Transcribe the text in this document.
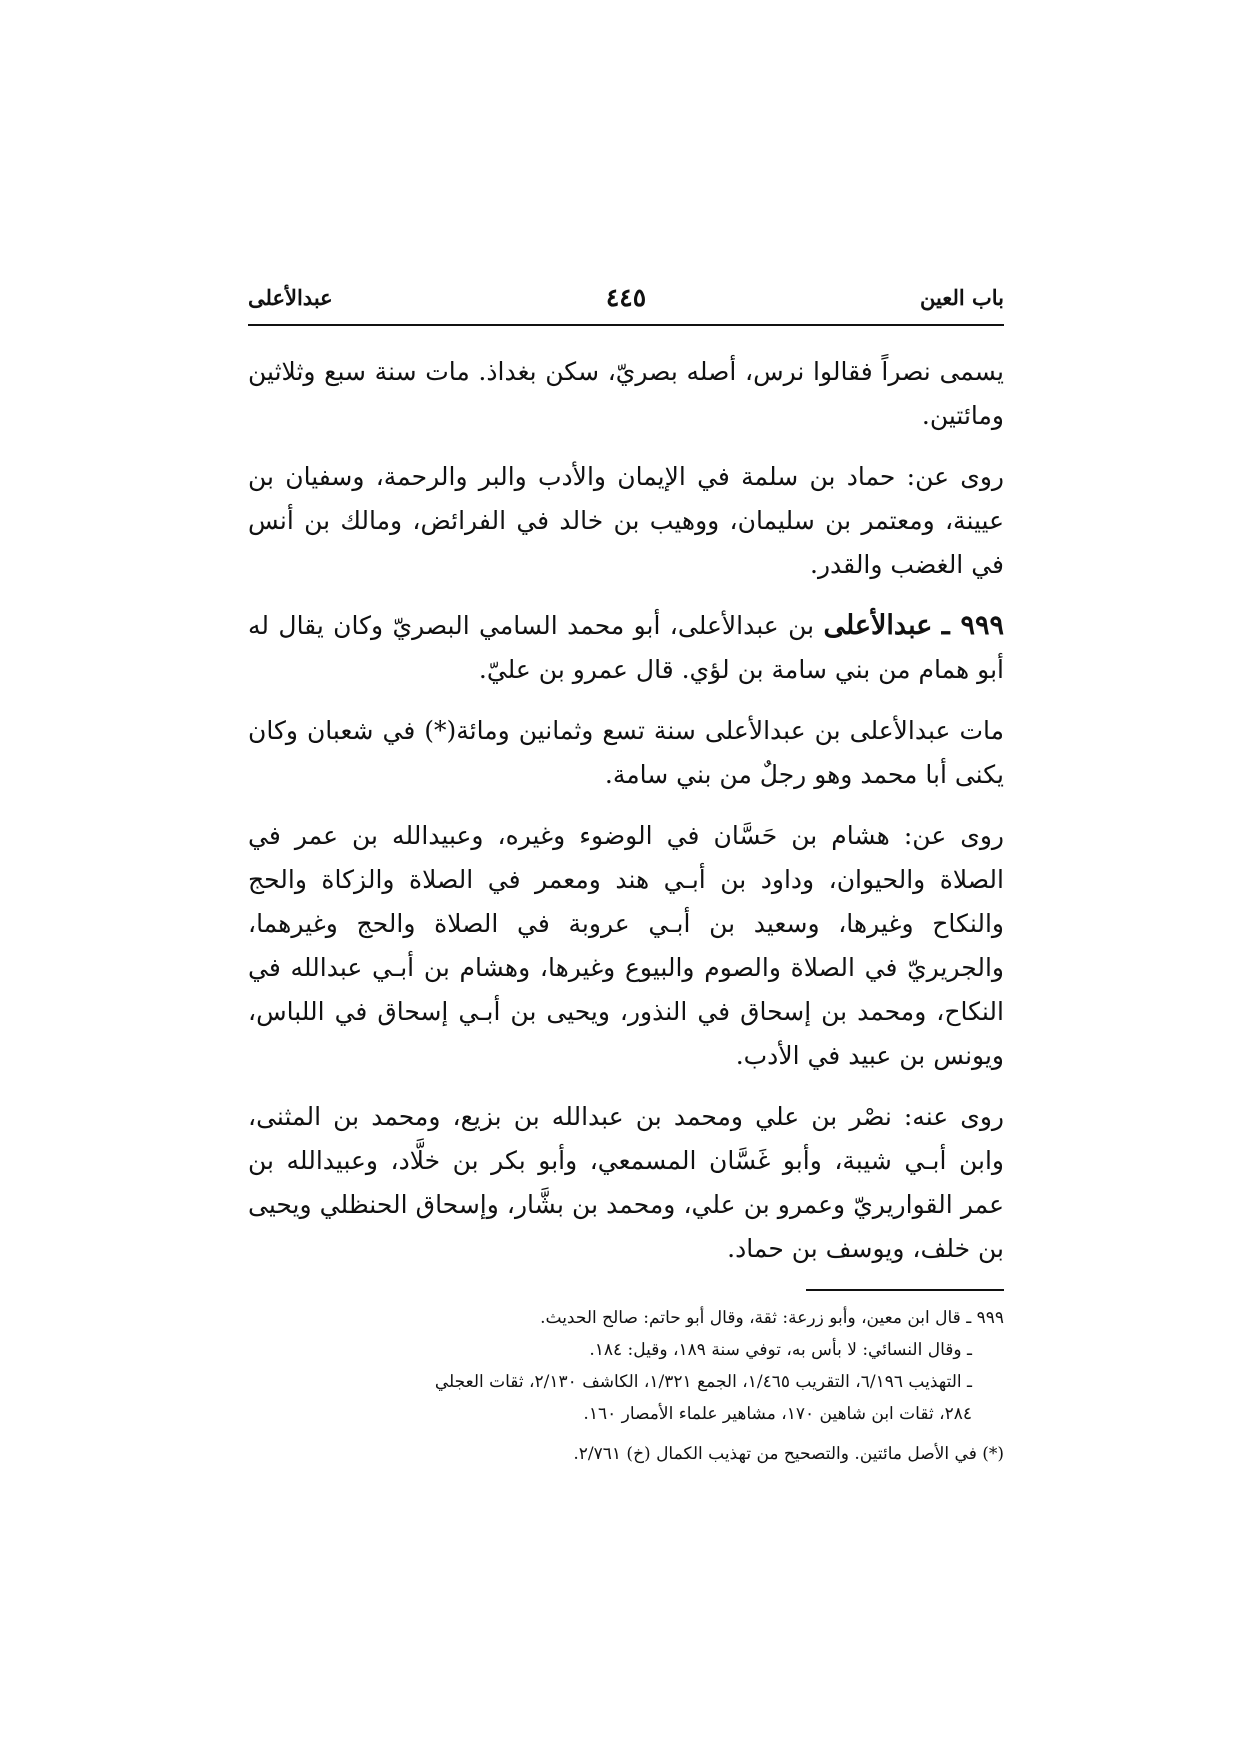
باب العين
٤٤٥
عبدالأعلى

يسمى نصراً فقالوا نرس، أصله بصريّ، سكن بغداذ. مات سنة سبع وثلاثين ومائتين.

روى عن: حماد بن سلمة في الإيمان والأدب والبر والرحمة، وسفيان بن عيينة، ومعتمر بن سليمان، ووهيب بن خالد في الفرائض، ومالك بن أنس في الغضب والقدر.

٩٩٩ ـ عبدالأعلى بن عبدالأعلى، أبو محمد السامي البصريّ وكان يقال له أبو همام من بني سامة بن لؤي. قال عمرو بن عليّ.

مات عبدالأعلى بن عبدالأعلى سنة تسع وثمانين ومائة(*) في شعبان وكان يكنى أبا محمد وهو رجلٌ من بني سامة.

روى عن: هشام بن حَسَّان في الوضوء وغيره، وعبيدالله بن عمر في الصلاة والحيوان، وداود بن أبـي هند ومعمر في الصلاة والزكاة والحج والنكاح وغيرها، وسعيد بن أبـي عروبة في الصلاة والحج وغيرهما، والجريريّ في الصلاة والصوم والبيوع وغيرها، وهشام بن أبـي عبدالله في النكاح، ومحمد بن إسحاق في النذور، ويحيى بن أبـي إسحاق في اللباس، ويونس بن عبيد في الأدب.

روى عنه: نصْر بن علي ومحمد بن عبدالله بن بزيع، ومحمد بن المثنى، وابن أبـي شيبة، وأبو غَسَّان المسمعي، وأبو بكر بن خلَّاد، وعبيدالله بن عمر القواريريّ وعمرو بن علي، ومحمد بن بشَّار، وإسحاق الحنظلي ويحيى بن خلف، ويوسف بن حماد.

٩٩٩ ـ قال ابن معين، وأبو زرعة: ثقة، وقال أبو حاتم: صالح الحديث.

ـ وقال النسائي: لا بأس به، توفي سنة ١٨٩، وقيل: ١٨٤.

ـ التهذيب ٦/١٩٦، التقريب ١/٤٦٥، الجمع ١/٣٢١، الكاشف ٢/١٣٠، ثقات العجلي

٢٨٤، ثقات ابن شاهين ١٧٠، مشاهير علماء الأمصار ١٦٠.

(*) في الأصل مائتين. والتصحيح من تهذيب الكمال (خ) ٢/٧٦١.
